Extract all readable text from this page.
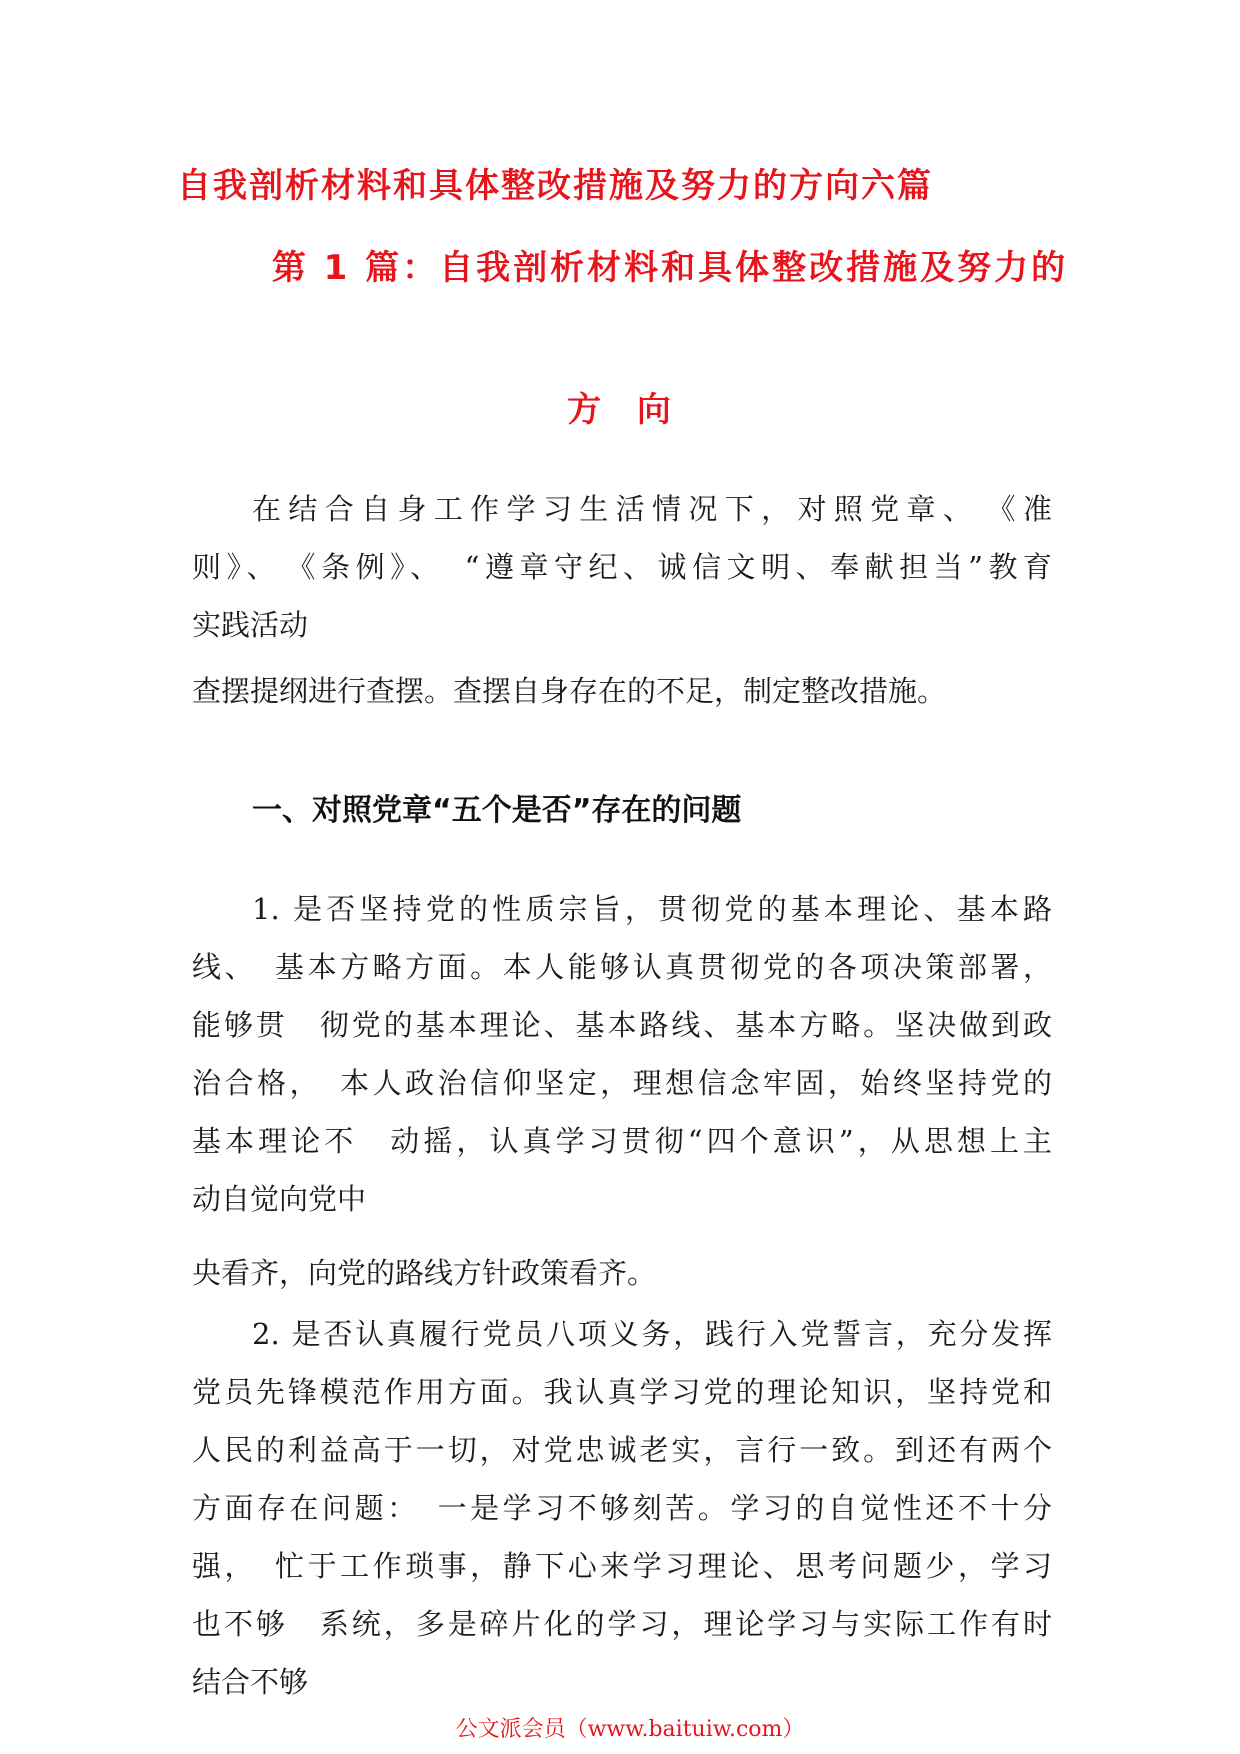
自我剖析材料和具体整改措施及努力的方向六篇
第 1 篇：自我剖析材料和具体整改措施及努力的
方 向
在结合自身工作学习生活情况下，对照党章、　《准
则》、　《条例》、　“遵章守纪、诚信文明、奉献担当”教育
实践活动
查摆提纲进行查摆。查摆自身存在的不足，制定整改措施。
一、对照党章“五个是否”存在的问题
1. 是否坚持党的性质宗旨，贯彻党的基本理论、基本路
线、　基本方略方面。本人能够认真贯彻党的各项决策部署，
能够贯　彻党的基本理论、基本路线、基本方略。坚决做到政
治合格，　本人政治信仰坚定，理想信念牢固，始终坚持党的
基本理论不　动摇，认真学习贯彻“四个意识”，从思想上主
动自觉向党中
央看齐，向党的路线方针政策看齐。
2. 是否认真履行党员八项义务，践行入党誓言，充分发挥
党员先锋模范作用方面。我认真学习党的理论知识，坚持党和
人民的利益高于一切，对党忠诚老实，言行一致。到还有两个
方面存在问题：　一是学习不够刻苦。学习的自觉性还不十分
强，　忙于工作琐事，静下心来学习理论、思考问题少，学习
也不够　系统，多是碎片化的学习，理论学习与实际工作有时
结合不够
公文派会员（www.baituiw.com）
